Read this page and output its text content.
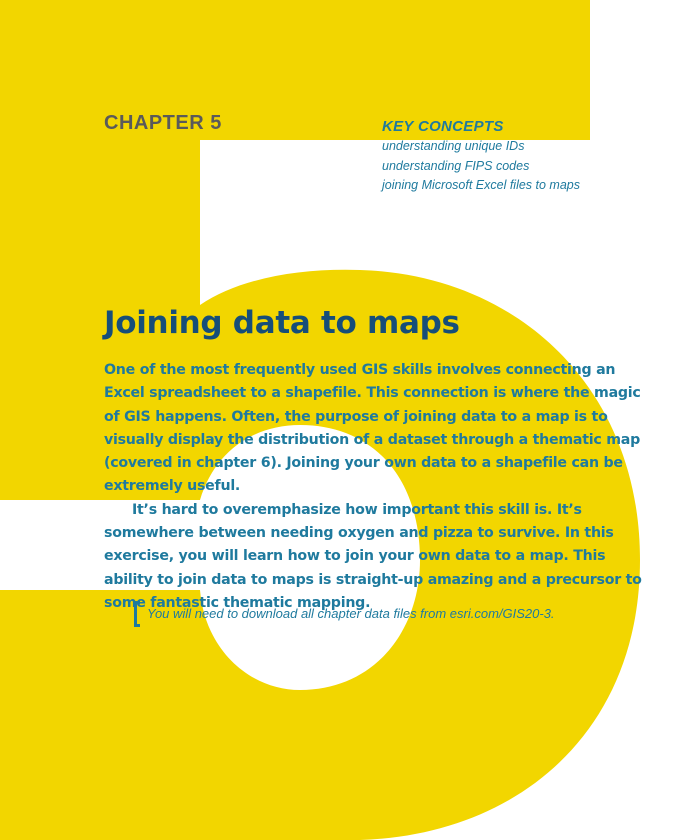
CHAPTER 5	KEY CONCEPTS
understanding unique IDs
understanding FIPS codes
joining Microsoft Excel files to maps
Joining data to maps

One of the most frequently used GIS skills involves connecting an Excel spreadsheet to a shapefile. This connection is where the magic of GIS happens. Often, the purpose of joining data to a map is to visually display the distribution of a dataset through a thematic map (covered in chapter 6). Joining your own data to a shapefile can be extremely useful.

It’s hard to overemphasize how important this skill is. It’s somewhere between needing oxygen and pizza to survive. In this exercise, you will learn how to join your own data to a map. This ability to join data to maps is straight-up amazing and a precursor to some fantastic thematic mapping.

You will need to download all chapter data files from esri.com/GIS20-3.
